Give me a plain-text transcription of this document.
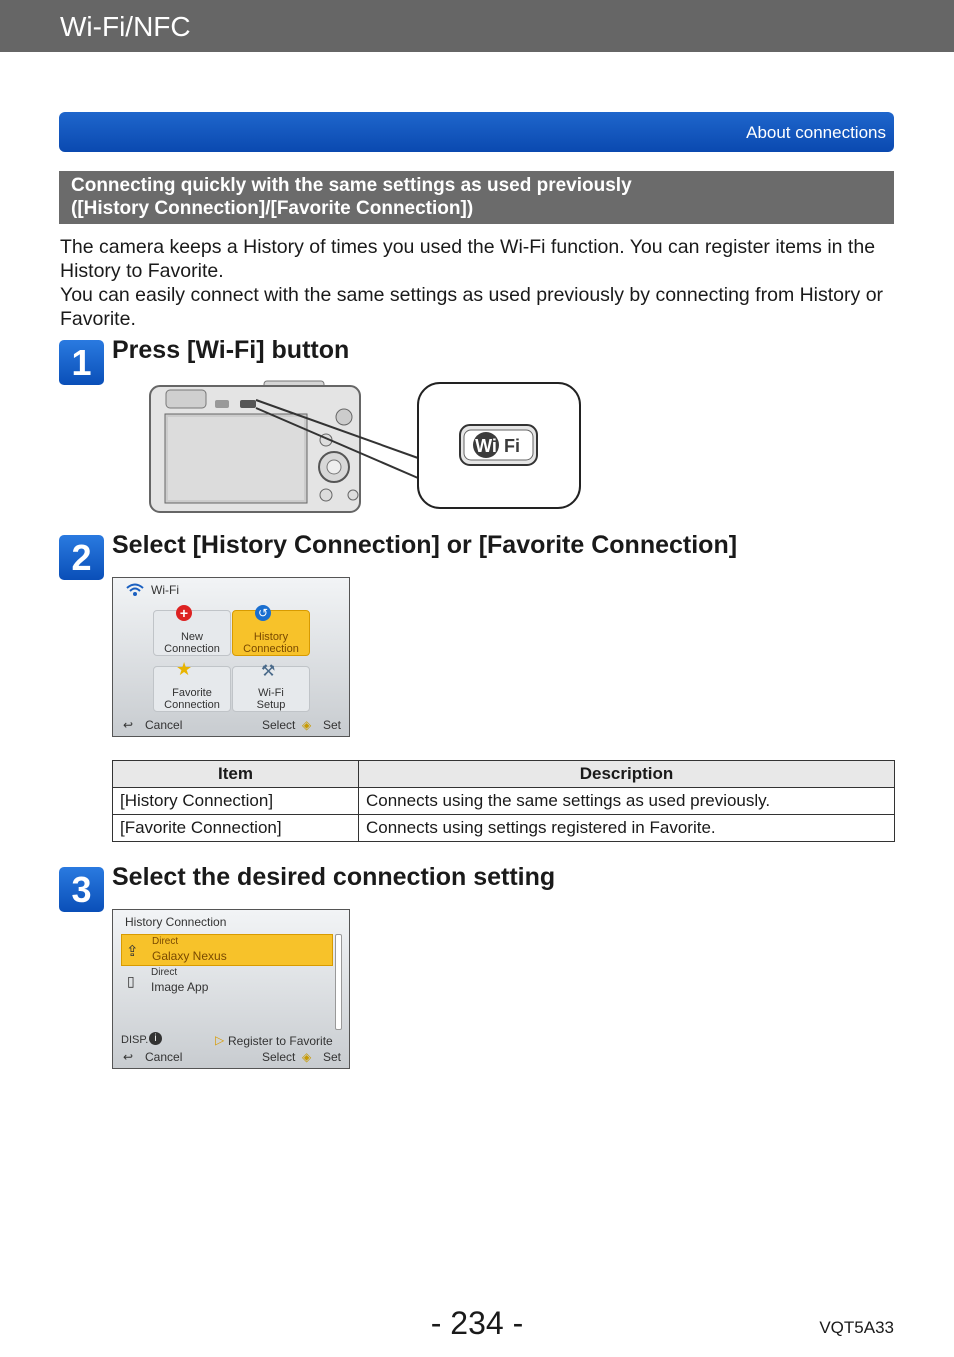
Wi-Fi/NFC
About connections
Connecting quickly with the same settings as used previously
([History Connection]/[Favorite Connection])
The camera keeps a History of times you used the Wi-Fi function. You can register items in the History to Favorite.
You can easily connect with the same settings as used previously by connecting from History or Favorite.
1 Press [Wi-Fi] button
Wi Fi
2 Select [History Connection] or [Favorite Connection]
Wi-Fi
+
New
Connection
↺
History
Connection
★
Favorite
Connection
⚒
Wi-Fi
Setup
↩ Cancel	Select ◈ Set
Item	Description
[History Connection]	Connects using the same settings as used previously.
[Favorite Connection]	Connects using settings registered in Favorite.
3 Select the desired connection setting
History Connection
⇪
Direct
Galaxy Nexus
▯
Direct
Image App
DISP. i	▷ Register to Favorite
↩ Cancel	Select ◈ Set
- 234 -	VQT5A33
